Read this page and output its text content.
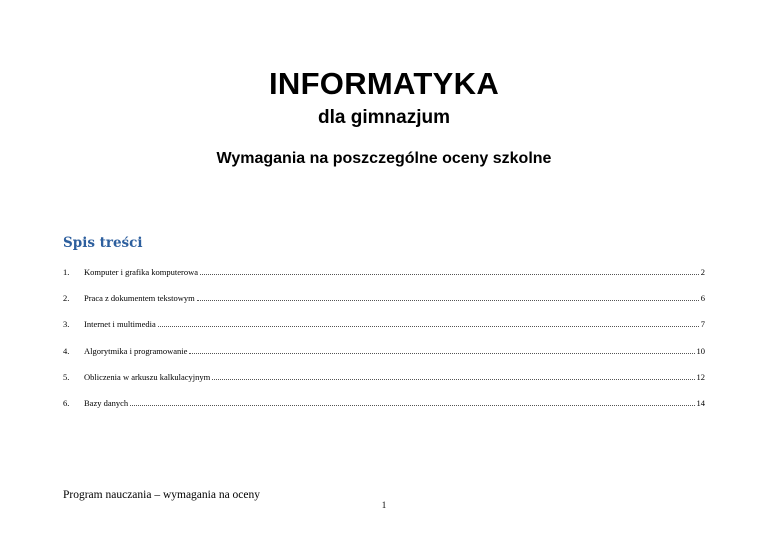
INFORMATYKA
dla gimnazjum
Wymagania na poszczególne oceny szkolne
Spis treści
1.	Komputer i grafika komputerowa	2
2.	Praca z dokumentem tekstowym	6
3.	Internet i multimedia	7
4.	Algorytmika i programowanie	10
5.	Obliczenia w arkuszu kalkulacyjnym	12
6.	Bazy danych	14
Program nauczania – wymagania na oceny
1
